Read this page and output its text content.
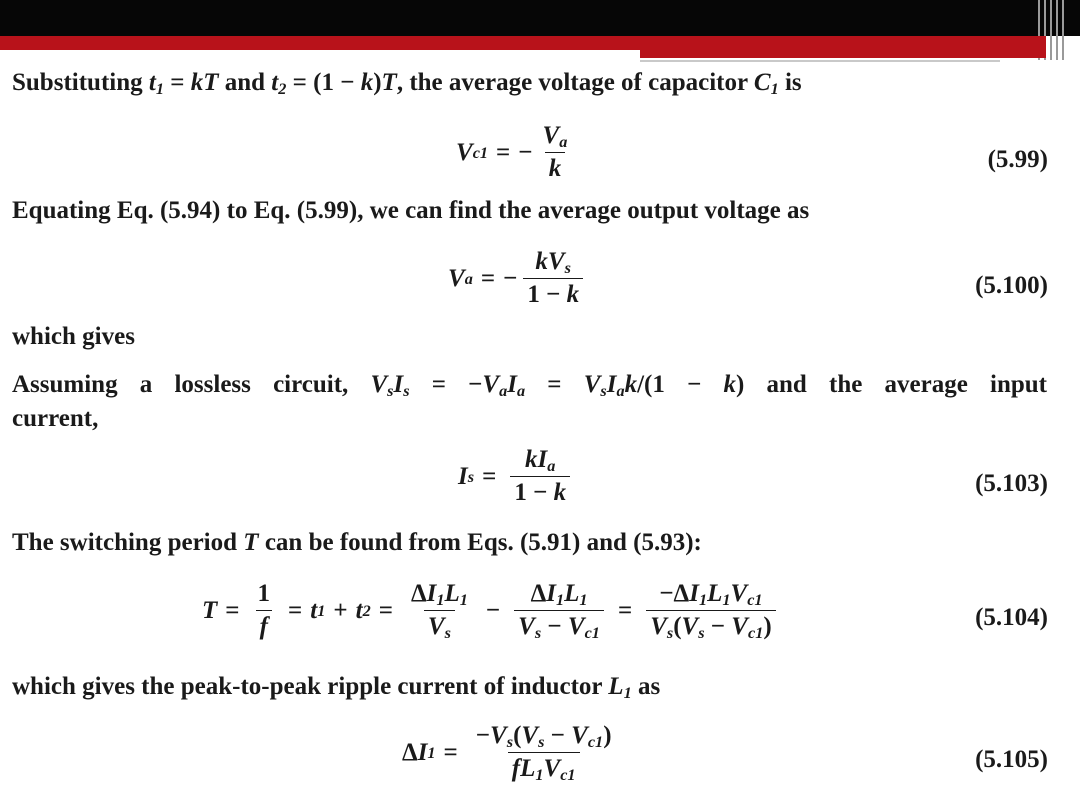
Substituting $t_1$ = kT and $t_2 = (1 - k)T$, the average voltage of capacitor $C_1$ is
V c1 = − $\frac{V_a}{k}$	(5.99)
Equating Eq. (5.94) to Eq. (5.99), we can find the average output voltage as
V a = − $\frac{kV_s}{1 - k}$	(5.100)
which gives
Assuming a lossless circuit, $V_sI_s = -V_aI_a = V_sI_ak/(1 - k)$ and the average input
current,
I $s = \frac{kI_a}{1 - k}$	(5.103)
The switching period T can be found from Eqs. (5.91) and (5.93):
$T = \frac{1}{f} = t$ 1 + t $2 = \frac{\Delta I_1L_1}{V_s} - \frac{\Delta I_1L_1}{V_s - V_{c1}} = \frac{-\Delta I_1L_1V_{c1}}{V_s(V_s - V_{c1})}$	(5.104)
which gives the peak-to-peak ripple current of inductor $L_1$ as
Δ I $1 = \frac{-V_s(V_s - V_{c1})}{fL_1V_{c1}}$	(5.105)
